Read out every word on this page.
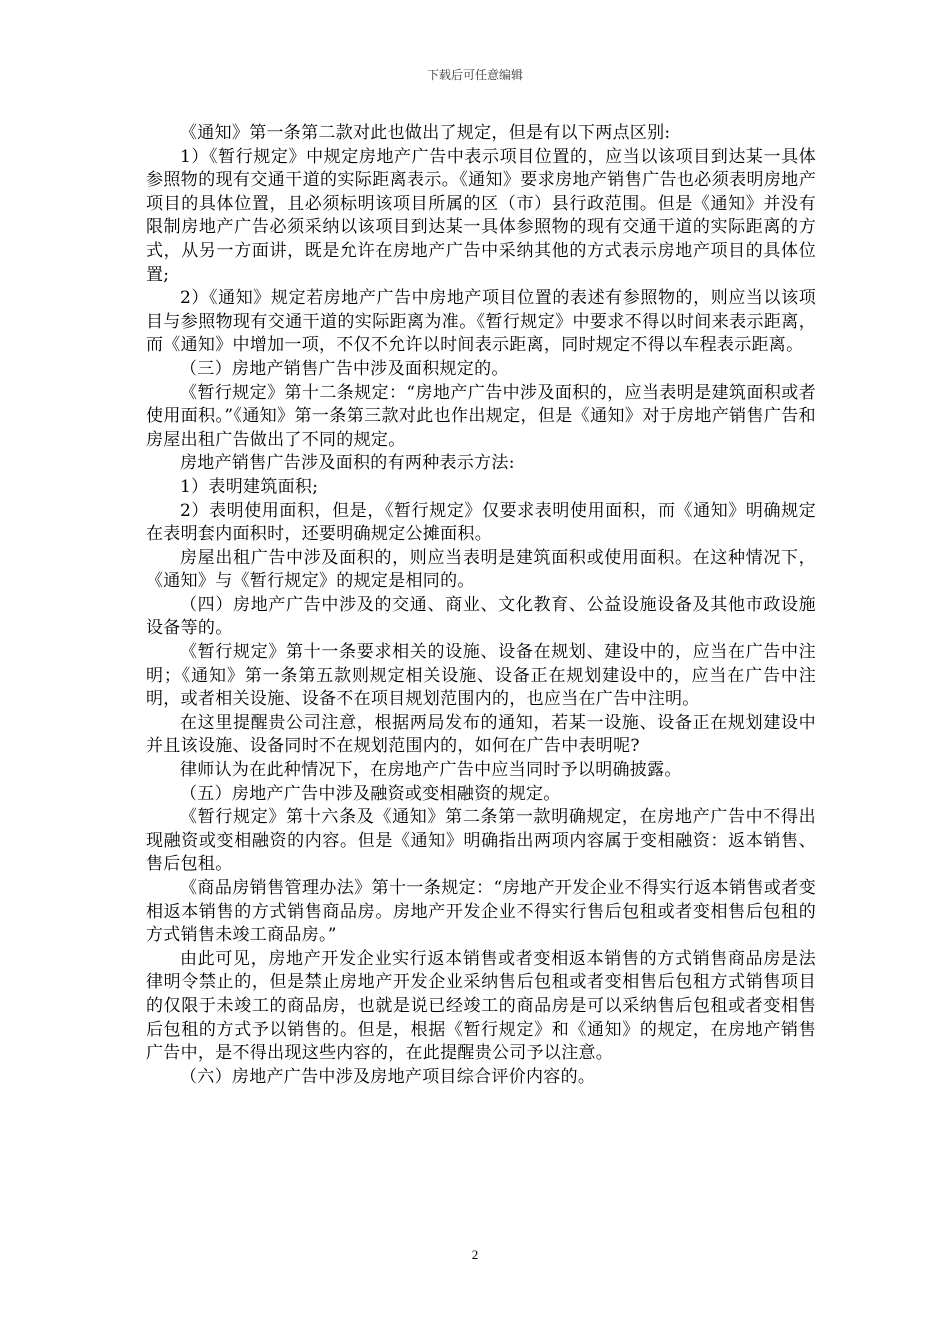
下载后可任意编辑

《通知》第一条第二款对此也做出了规定，但是有以下两点区别:

1）《暂行规定》中规定房地产广告中表示项目位置的，应当以该项目到达某一具体参照物的现有交通干道的实际距离表示。《通知》要求房地产销售广告也必须表明房地产项目的具体位置，且必须标明该项目所属的区（市）县行政范围。但是《通知》并没有限制房地产广告必须采纳以该项目到达某一具体参照物的现有交通干道的实际距离的方式，从另一方面讲，既是允许在房地产广告中采纳其他的方式表示房地产项目的具体位置;

2）《通知》规定若房地产广告中房地产项目位置的表述有参照物的，则应当以该项目与参照物现有交通干道的实际距离为准。《暂行规定》中要求不得以时间来表示距离，而《通知》中增加一项，不仅不允许以时间表示距离，同时规定不得以车程表示距离。

（三）房地产销售广告中涉及面积规定的。

《暂行规定》第十二条规定：“房地产广告中涉及面积的，应当表明是建筑面积或者使用面积。”《通知》第一条第三款对此也作出规定，但是《通知》对于房地产销售广告和房屋出租广告做出了不同的规定。

房地产销售广告涉及面积的有两种表示方法:

1）表明建筑面积;

2）表明使用面积，但是，《暂行规定》仅要求表明使用面积，而《通知》明确规定在表明套内面积时，还要明确规定公摊面积。

房屋出租广告中涉及面积的，则应当表明是建筑面积或使用面积。在这种情况下，《通知》与《暂行规定》的规定是相同的。

（四）房地产广告中涉及的交通、商业、文化教育、公益设施设备及其他市政设施设备等的。

《暂行规定》第十一条要求相关的设施、设备在规划、建设中的，应当在广告中注明；《通知》第一条第五款则规定相关设施、设备正在规划建设中的，应当在广告中注明，或者相关设施、设备不在项目规划范围内的，也应当在广告中注明。

在这里提醒贵公司注意，根据两局发布的通知，若某一设施、设备正在规划建设中并且该设施、设备同时不在规划范围内的，如何在广告中表明呢?

律师认为在此种情况下，在房地产广告中应当同时予以明确披露。

（五）房地产广告中涉及融资或变相融资的规定。

《暂行规定》第十六条及《通知》第二条第一款明确规定，在房地产广告中不得出现融资或变相融资的内容。但是《通知》明确指出两项内容属于变相融资：返本销售、售后包租。

《商品房销售管理办法》第十一条规定：“房地产开发企业不得实行返本销售或者变相返本销售的方式销售商品房。房地产开发企业不得实行售后包租或者变相售后包租的方式销售未竣工商品房。”

由此可见，房地产开发企业实行返本销售或者变相返本销售的方式销售商品房是法律明令禁止的，但是禁止房地产开发企业采纳售后包租或者变相售后包租方式销售项目的仅限于未竣工的商品房，也就是说已经竣工的商品房是可以采纳售后包租或者变相售后包租的方式予以销售的。但是，根据《暂行规定》和《通知》的规定，在房地产销售广告中，是不得出现这些内容的，在此提醒贵公司予以注意。

（六）房地产广告中涉及房地产项目综合评价内容的。

2
